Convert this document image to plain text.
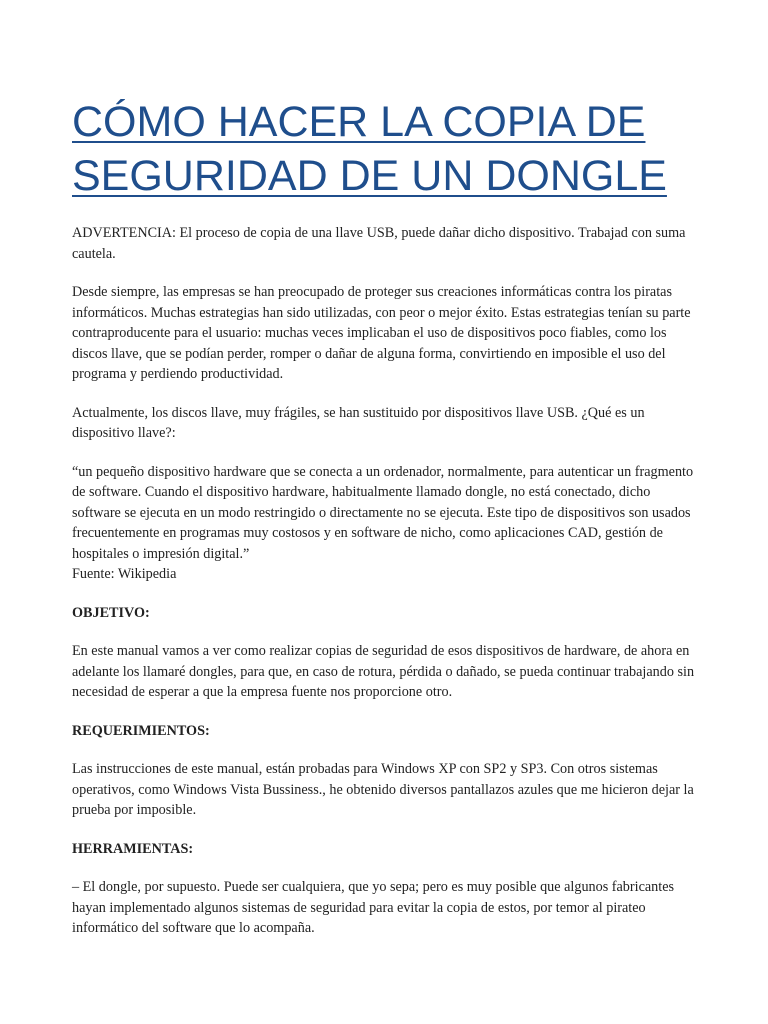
CÓMO HACER LA COPIA DE SEGURIDAD DE UN DONGLE

ADVERTENCIA: El proceso de copia de una llave USB, puede dañar dicho dispositivo. Trabajad con suma cautela.

Desde siempre, las empresas se han preocupado de proteger sus creaciones informáticas contra los piratas informáticos. Muchas estrategias han sido utilizadas, con peor o mejor éxito. Estas estrategias tenían su parte contraproducente para el usuario: muchas veces implicaban el uso de dispositivos poco fiables, como los discos llave, que se podían perder, romper o dañar de alguna forma, convirtiendo en imposible el uso del programa y perdiendo productividad.

Actualmente, los discos llave, muy frágiles, se han sustituido por dispositivos llave USB. ¿Qué es un dispositivo llave?:

“un pequeño dispositivo hardware que se conecta a un ordenador, normalmente, para autenticar un fragmento de software. Cuando el dispositivo hardware, habitualmente llamado dongle, no está conectado, dicho software se ejecuta en un modo restringido o directamente no se ejecuta. Este tipo de dispositivos son usados frecuentemente en programas muy costosos y en software de nicho, como aplicaciones CAD, gestión de hospitales o impresión digital.”

Fuente: Wikipedia

OBJETIVO:

En este manual vamos a ver como realizar copias de seguridad de esos dispositivos de hardware, de ahora en adelante los llamaré dongles, para que, en caso de rotura, pérdida o dañado, se pueda continuar trabajando sin necesidad de esperar a que la empresa fuente nos proporcione otro.

REQUERIMIENTOS:

Las instrucciones de este manual, están probadas para Windows XP con SP2 y SP3. Con otros sistemas operativos, como Windows Vista Bussiness., he obtenido diversos pantallazos azules que me hicieron dejar la prueba por imposible.

HERRAMIENTAS:

– El dongle, por supuesto. Puede ser cualquiera, que yo sepa; pero es muy posible que algunos fabricantes hayan implementado algunos sistemas de seguridad para evitar la copia de estos, por temor al pirateo informático del software que lo acompaña.
